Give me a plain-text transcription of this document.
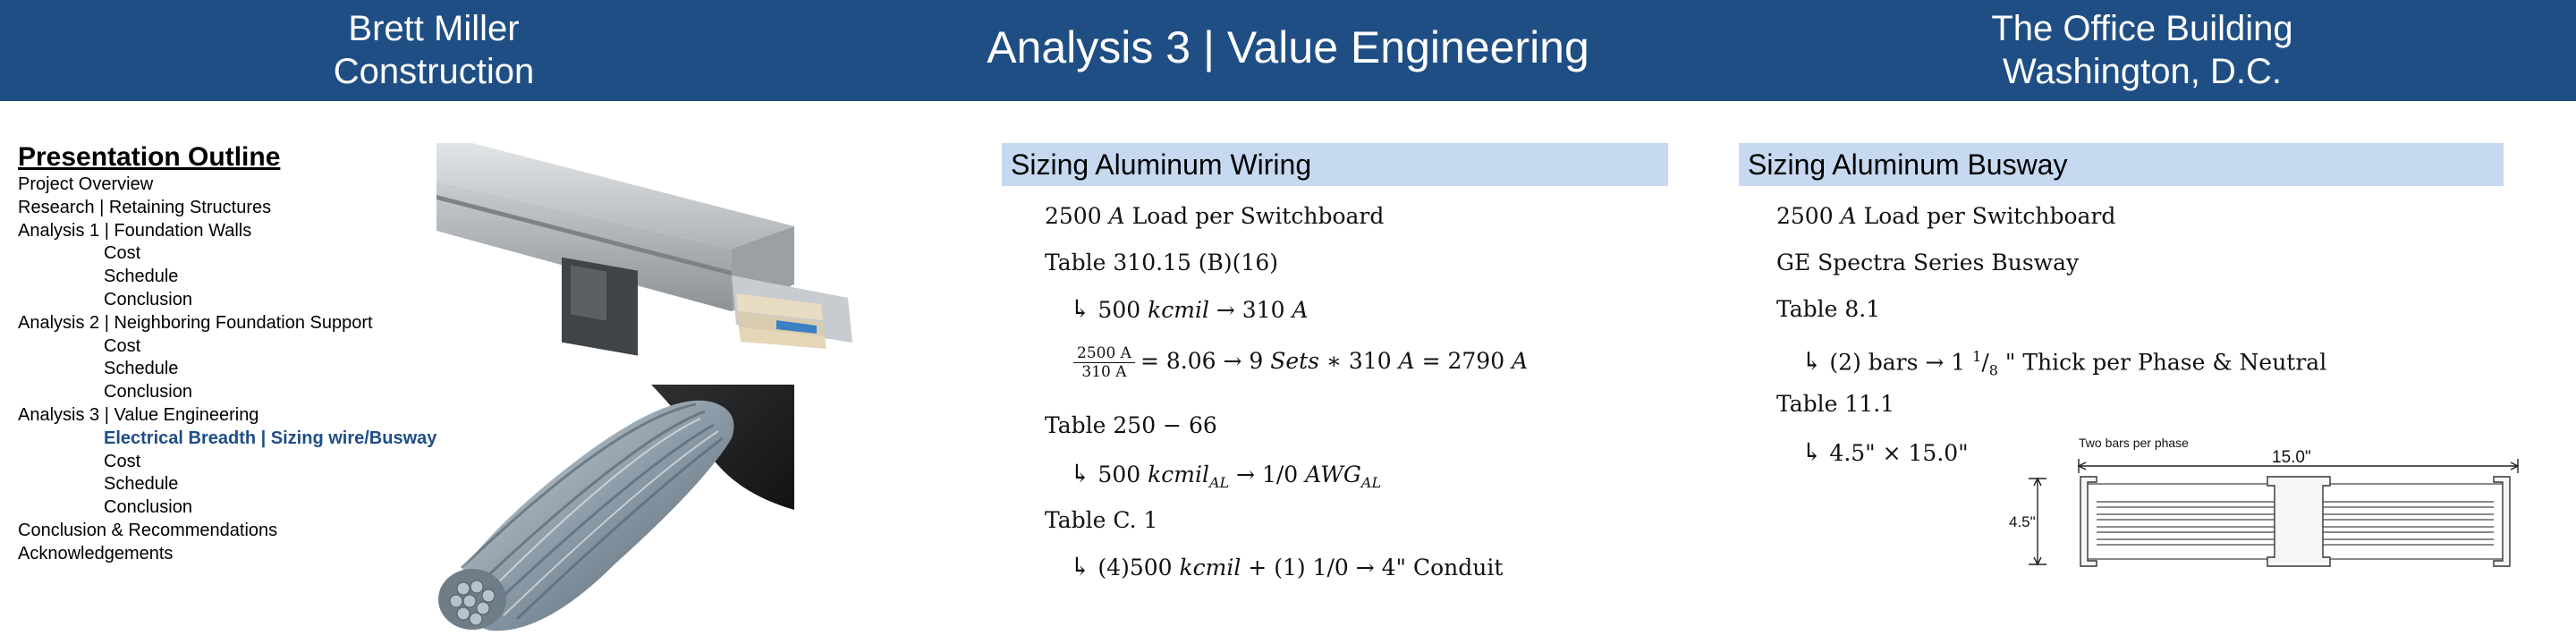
Brett Miller
Construction	Analysis 3 | Value Engineering	The Office Building
Washington, D.C.
Presentation Outline
Project Overview
Research | Retaining Structures
Analysis 1 | Foundation Walls
Cost
Schedule
Conclusion
Analysis 2 | Neighboring Foundation Support
Cost
Schedule
Conclusion
Analysis 3 | Value Engineering
Electrical Breadth | Sizing wire/Busway
Cost
Schedule
Conclusion
Conclusion & Recommendations
Acknowledgements
Sizing Aluminum Wiring
2500 A Load per Switchboard
Table 310.15 (B)(16)
↳ 500 kcmil → 310 A
$\frac{2500 A}{310 A} = 8.06 \to 9$ Sets ∗ 310 A = 2790 A
Table 250 − 66
↳ 500 kcmil$_{AL}$ → 1/0 $AWG_{AL}$
Table C. 1
↳ (4)500 kcmil + (1) 1/0 → 4" Conduit
Sizing Aluminum Busway
2500 A Load per Switchboard
GE Spectra Series Busway
Table 8.1
↳ (2) bars → 1 $^1/_8$ " Thick per Phase & Neutral
Table 11.1
↳ 4.5" × 15.0"	Two bars per phase
15.0"
4.5"
